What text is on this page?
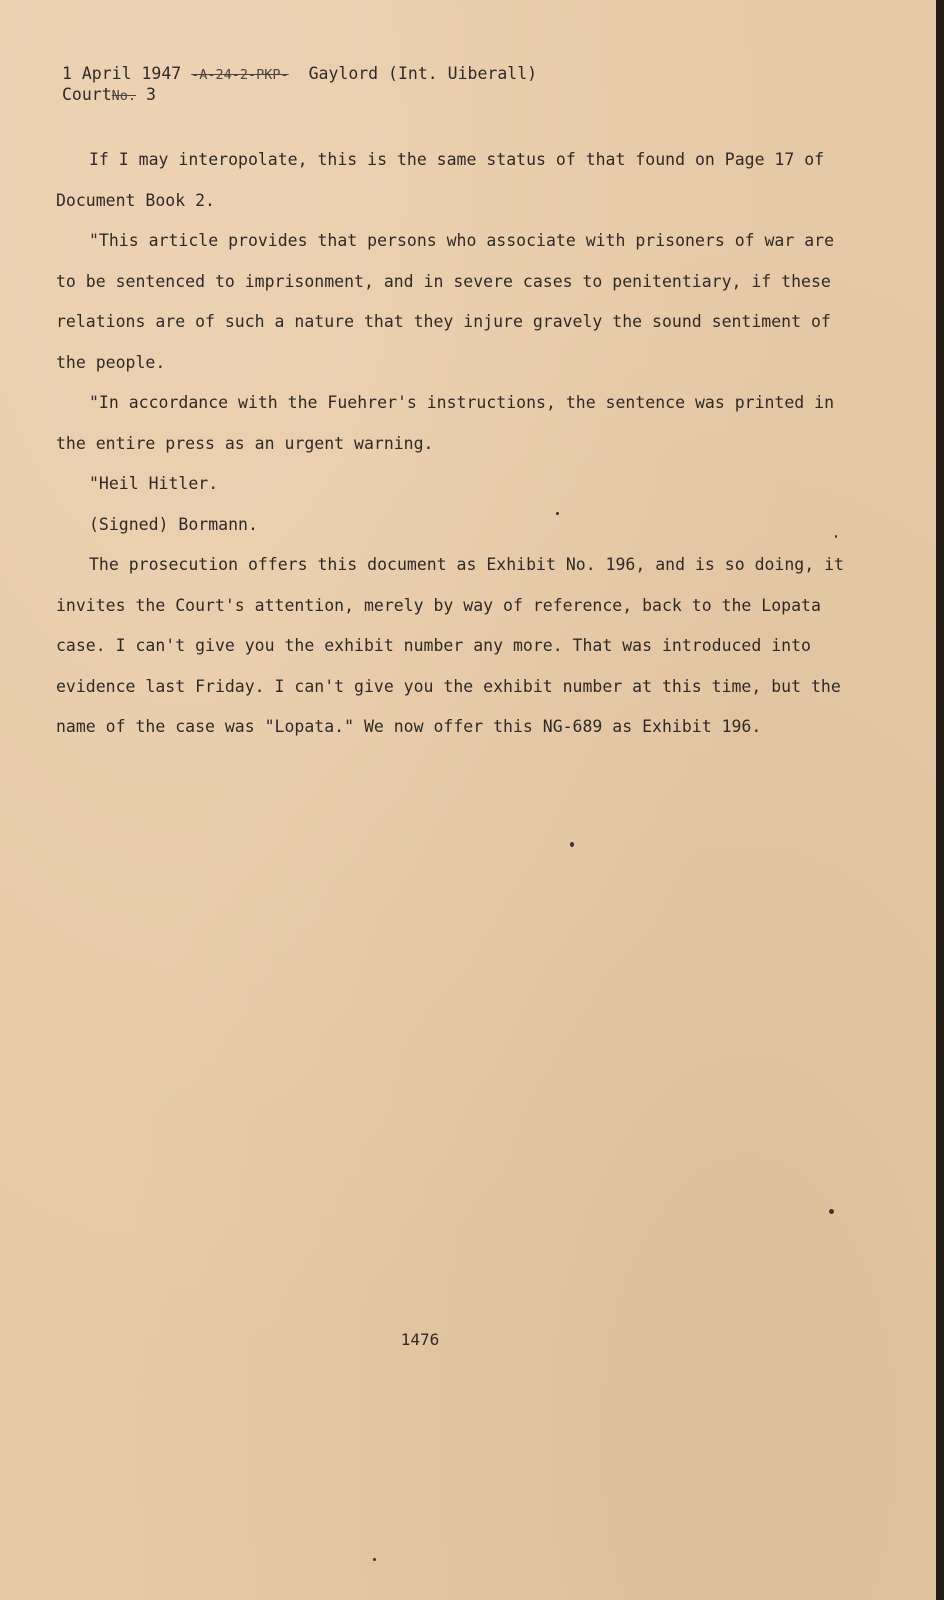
1 April 1947 -A-24-2-PKP- Gaylord (Int. Uiberall)
CourtNo. 3

If I may interopolate, this is the same status of that found on Page 17 of Document Book 2.

"This article provides that persons who associate with prisoners of war are to be sentenced to imprisonment, and in severe cases to penitentiary, if these relations are of such a nature that they injure gravely the sound sentiment of the people.

"In accordance with the Fuehrer's instructions, the sentence was printed in the entire press as an urgent warning.

"Heil Hitler.

(Signed) Bormann.

The prosecution offers this document as Exhibit No. 196, and is so doing, it invites the Court's attention, merely by way of reference, back to the Lopata case. I can't give you the exhibit number any more. That was introduced into evidence last Friday. I can't give you the exhibit number at this time, but the name of the case was "Lopata." We now offer this NG-689 as Exhibit 196.

1476
